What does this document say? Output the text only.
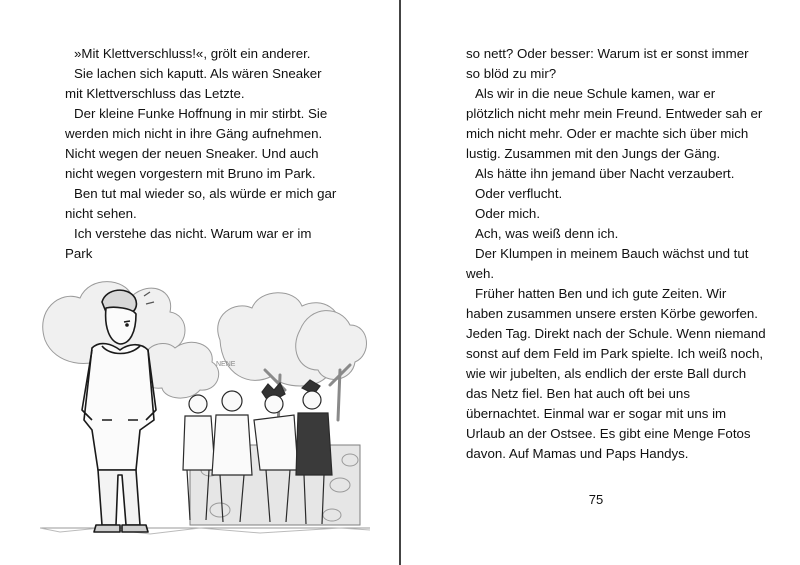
»Mit Klettverschluss!«, grölt ein anderer.

Sie lachen sich kaputt. Als wären Sneaker mit Klettverschluss das Letzte.

Der kleine Funke Hoffnung in mir stirbt. Sie werden mich nicht in ihre Gäng aufnehmen. Nicht wegen der neuen Sneaker. Und auch nicht wegen vorgestern mit Bruno im Park.

Ben tut mal wieder so, als würde er mich gar nicht sehen.

Ich verstehe das nicht. Warum war er im Park

NENE

so nett? Oder besser: Warum ist er sonst immer so blöd zu mir?

Als wir in die neue Schule kamen, war er plötzlich nicht mehr mein Freund. Entweder sah er mich nicht mehr. Oder er machte sich über mich lustig. Zusammen mit den Jungs der Gäng.

Als hätte ihn jemand über Nacht verzaubert.

Oder verflucht.

Oder mich.

Ach, was weiß denn ich.

Der Klumpen in meinem Bauch wächst und tut weh.

Früher hatten Ben und ich gute Zeiten. Wir haben zusammen unsere ersten Körbe geworfen. Jeden Tag. Direkt nach der Schule. Wenn niemand sonst auf dem Feld im Park spielte. Ich weiß noch, wie wir jubelten, als endlich der erste Ball durch das Netz fiel. Ben hat auch oft bei uns übernachtet. Einmal war er sogar mit uns im Urlaub an der Ostsee. Es gibt eine Menge Fotos davon. Auf Mamas und Paps Handys.

75
